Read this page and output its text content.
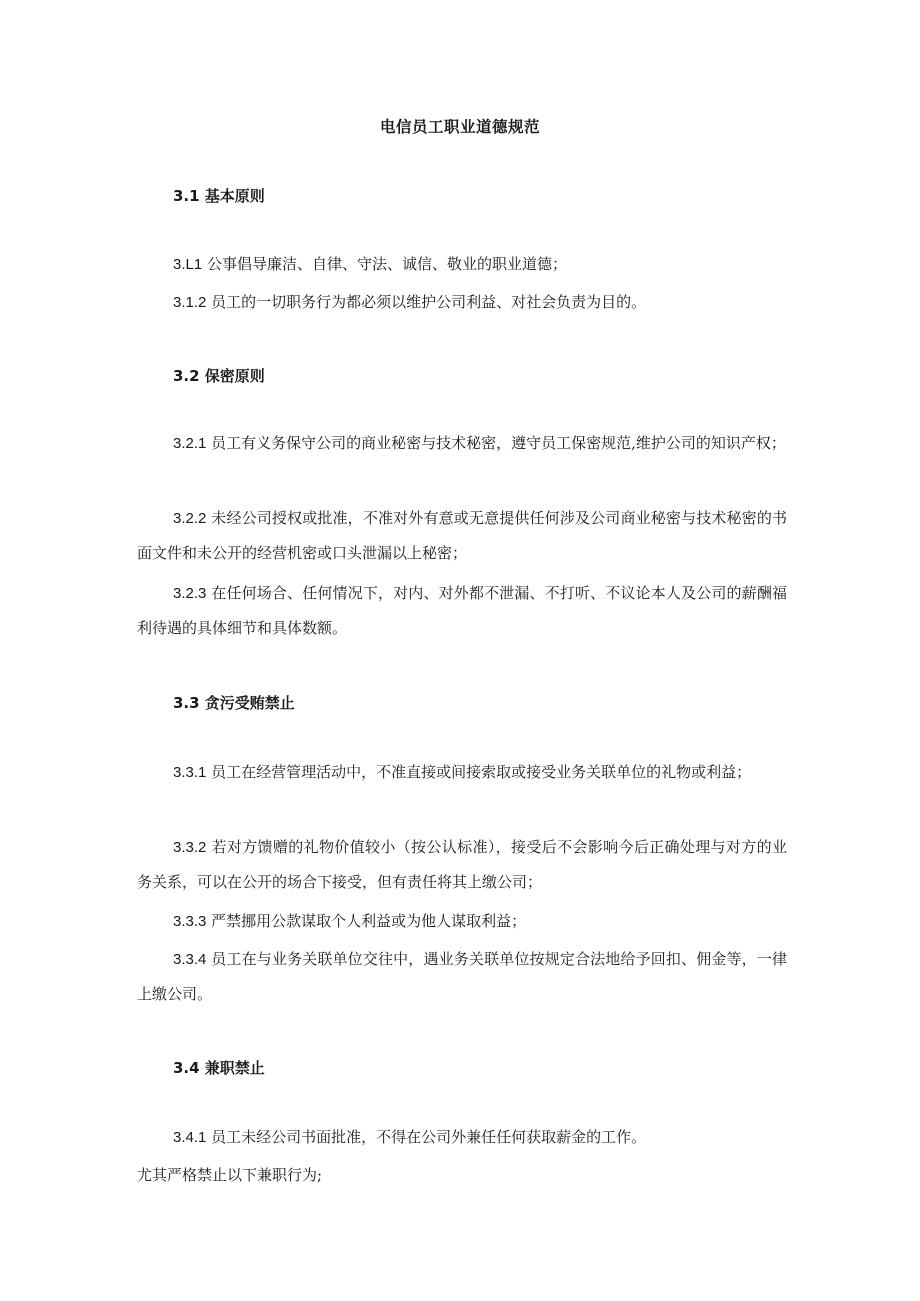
电信员工职业道德规范
3.1 基本原则
3.L1 公事倡导廉洁、自律、守法、诚信、敬业的职业道德；
3.1.2 员工的一切职务行为都必须以维护公司利益、对社会负责为目的。
3.2 保密原则
3.2.1 员工有义务保守公司的商业秘密与技术秘密，遵守员工保密规范,维护公司的知识产权；
3.2.2 未经公司授权或批准，不准对外有意或无意提供任何涉及公司商业秘密与技术秘密的书面文件和未公开的经营机密或口头泄漏以上秘密；
3.2.3 在任何场合、任何情况下，对内、对外都不泄漏、不打听、不议论本人及公司的薪酬福利待遇的具体细节和具体数额。
3.3 贪污受贿禁止
3.3.1 员工在经营管理活动中，不准直接或间接索取或接受业务关联单位的礼物或利益；
3.3.2 若对方馈赠的礼物价值较小（按公认标准），接受后不会影响今后正确处理与对方的业务关系，可以在公开的场合下接受，但有责任将其上缴公司；
3.3.3 严禁挪用公款谋取个人利益或为他人谋取利益；
3.3.4 员工在与业务关联单位交往中，遇业务关联单位按规定合法地给予回扣、佣金等，一律上缴公司。
3.4 兼职禁止
3.4.1 员工未经公司书面批准，不得在公司外兼任任何获取薪金的工作。
尤其严格禁止以下兼职行为;
